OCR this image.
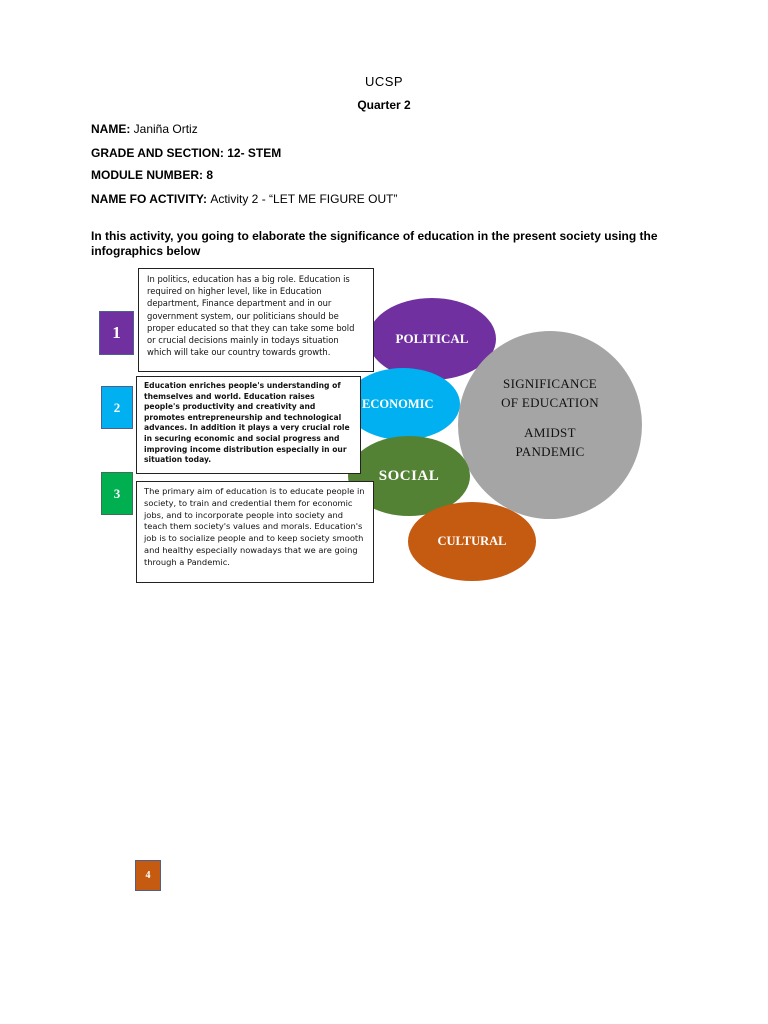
UCSP
Quarter 2
NAME: Janiña Ortiz
GRADE AND SECTION: 12- STEM
MODULE NUMBER: 8
NAME FO ACTIVITY: Activity 2 - “LET ME FIGURE OUT”
In this activity, you going to elaborate the significance of education in the present society using the infographics below
POLITICAL
SIGNIFICANCE
OF EDUCATION
AMIDST
PANDEMIC
ECONOMIC
SOCIAL
CULTURAL
In politics, education has a big role. Education is required on higher level, like in Education department, Finance department and in our government system, our politicians should be proper educated so that they can take some bold or crucial decisions mainly in todays situation which will take our country towards growth.
Education enriches people's understanding of themselves and world. Education raises people's productivity and creativity and promotes entrepreneurship and technological advances. In addition it plays a very crucial role in securing economic and social progress and improving income distribution especially in our situation today.
The primary aim of education is to educate people in society, to train and credential them for economic jobs, and to incorporate people into society and teach them society's values and morals. Education's job is to socialize people and to keep society smooth and healthy especially nowadays that we are going through a Pandemic.
1
2
3
4
